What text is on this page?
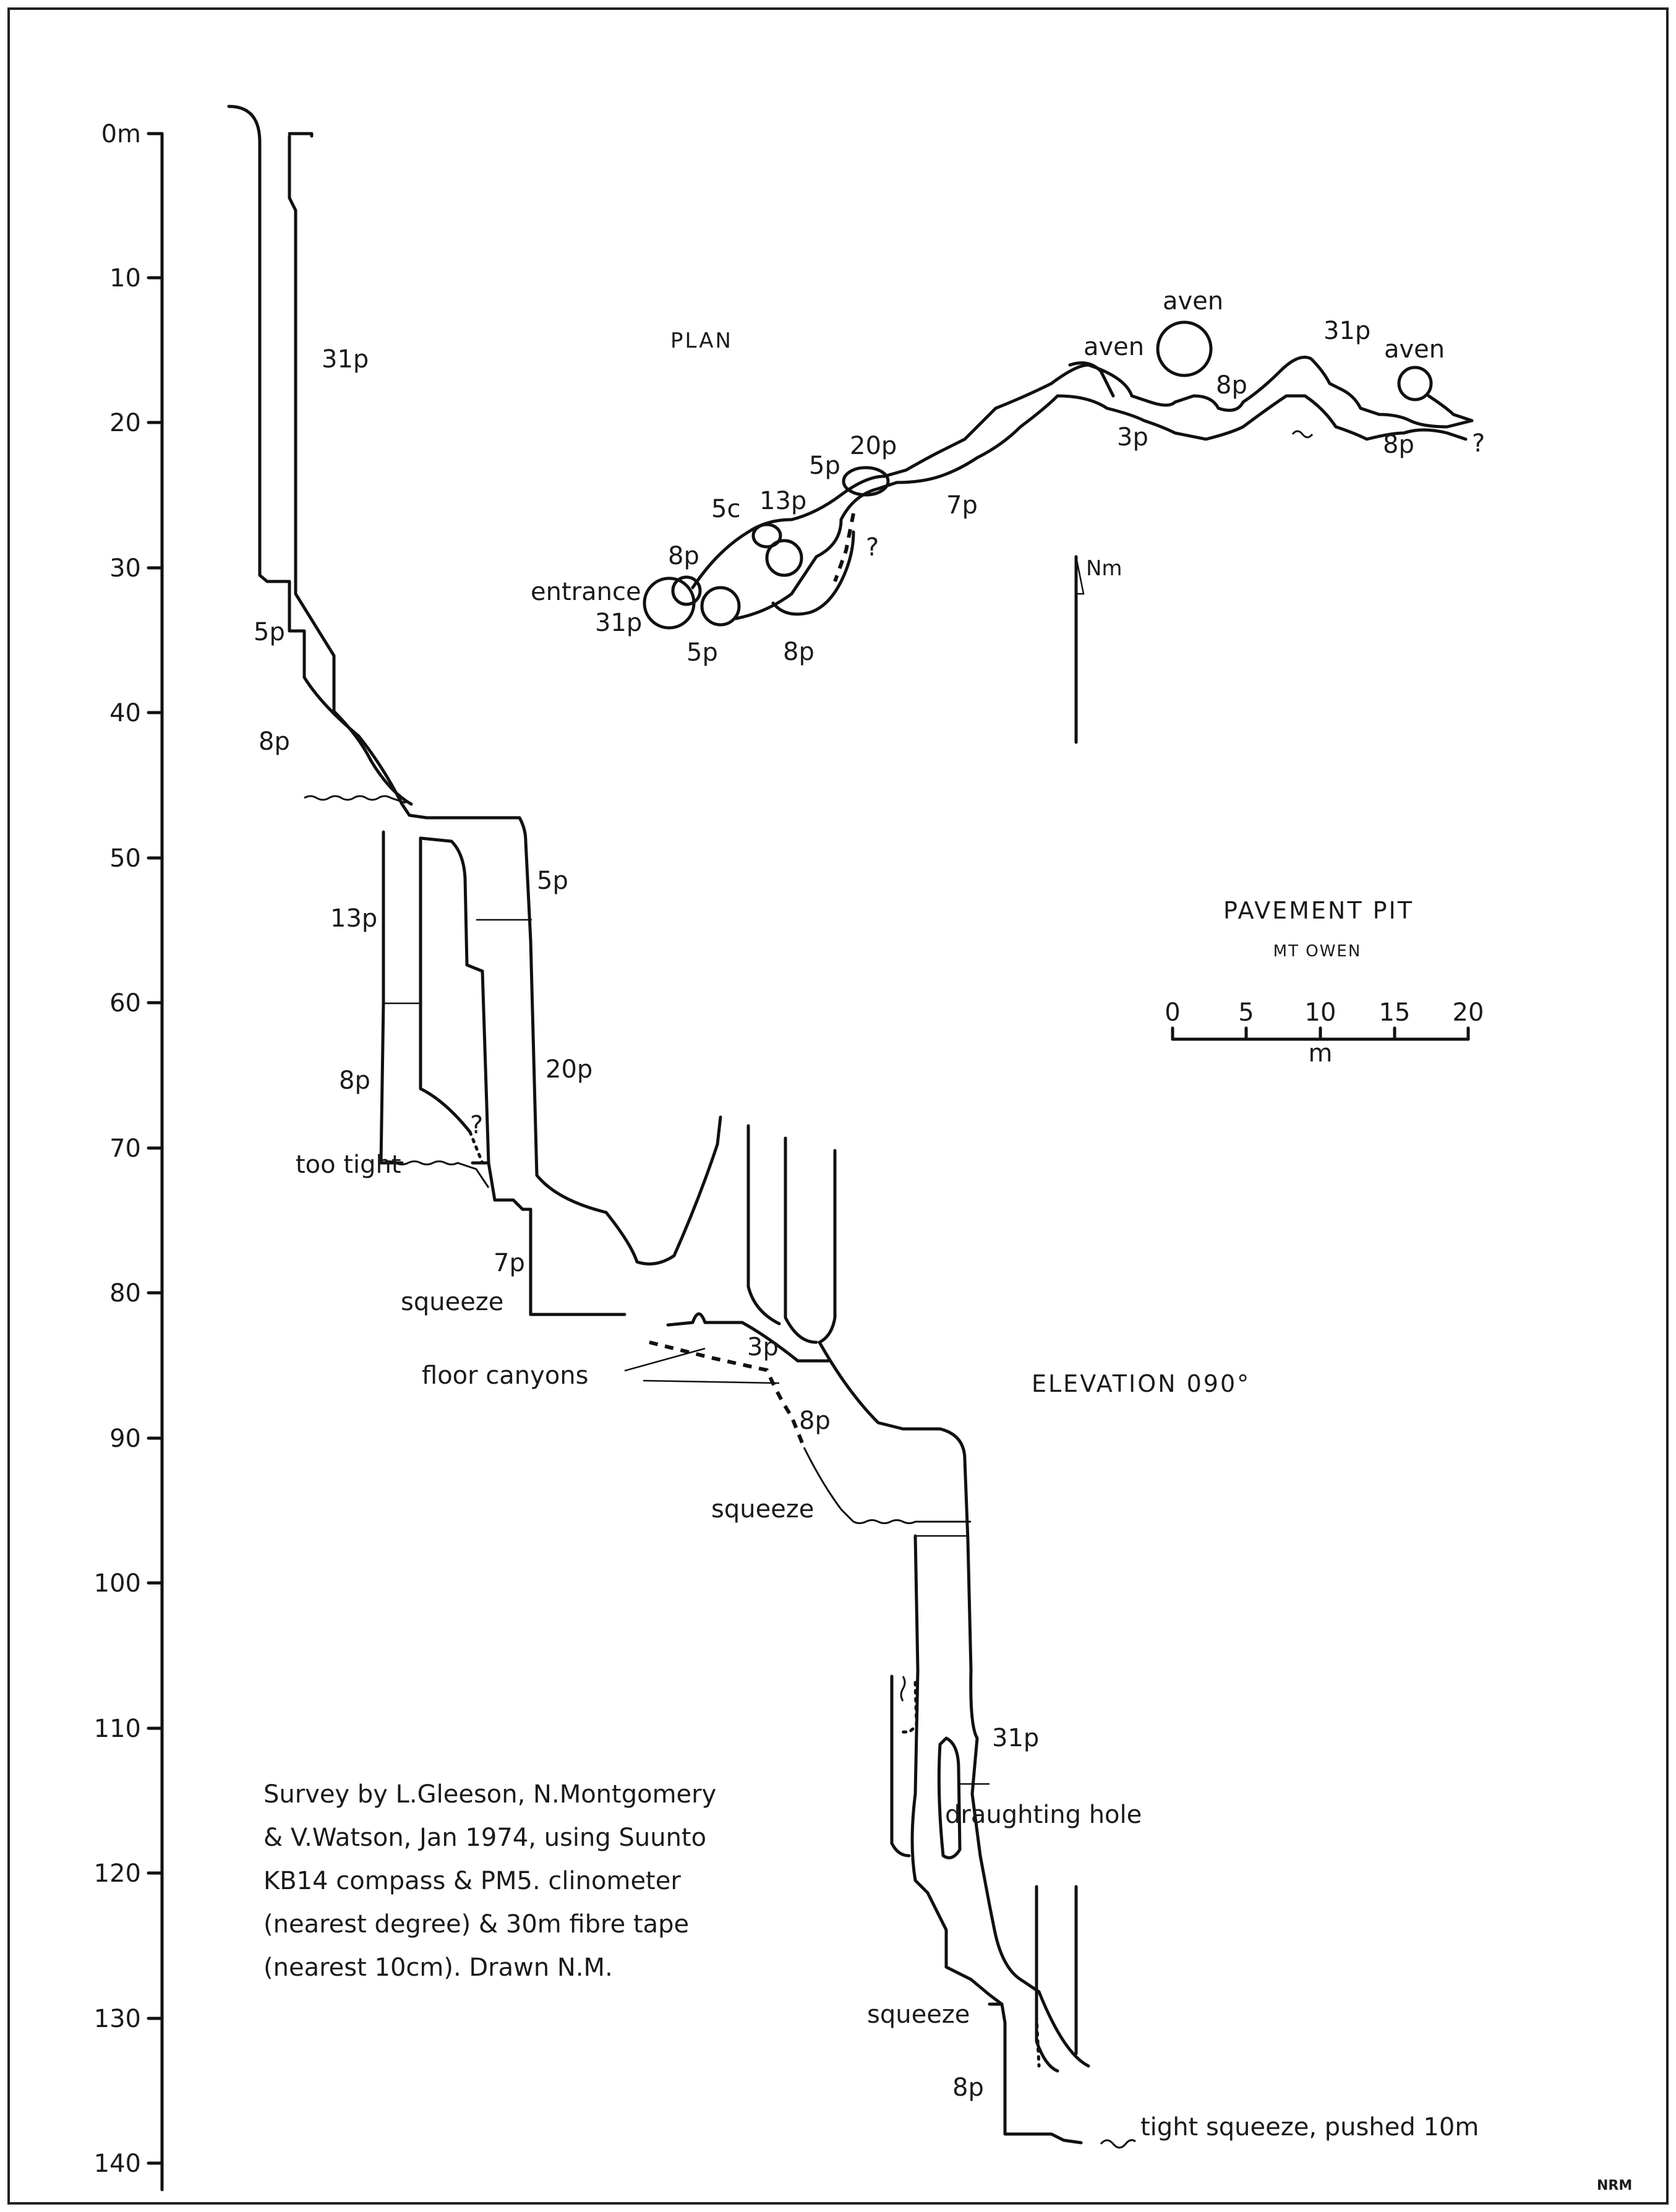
0m
10
20
30
40
50
60
70
80
90
100
110
120
130
140
31p
5p
8p
13p
5p
8p
?
20p
too tight
7p
squeeze
3p
floor canyons
8p
squeeze
31p
draughting hole
squeeze
8p
tight squeeze, pushed 10m
ELEVATION 090°
PLAN
entrance
31p
8p
5p
5c 13p
8p
?
5p
20p
7p
aven
aven
3p
8p
31p
aven
8p ?
Nm
PAVEMENT PIT
MT OWEN
0 5 10 15 20
m
Survey by L.Gleeson, N.Montgomery
& V.Watson, Jan 1974, using Suunto
KB14 compass & PM5. clinometer
(nearest degree) & 30m fibre tape
(nearest 10cm). Drawn N.M.
NRM
